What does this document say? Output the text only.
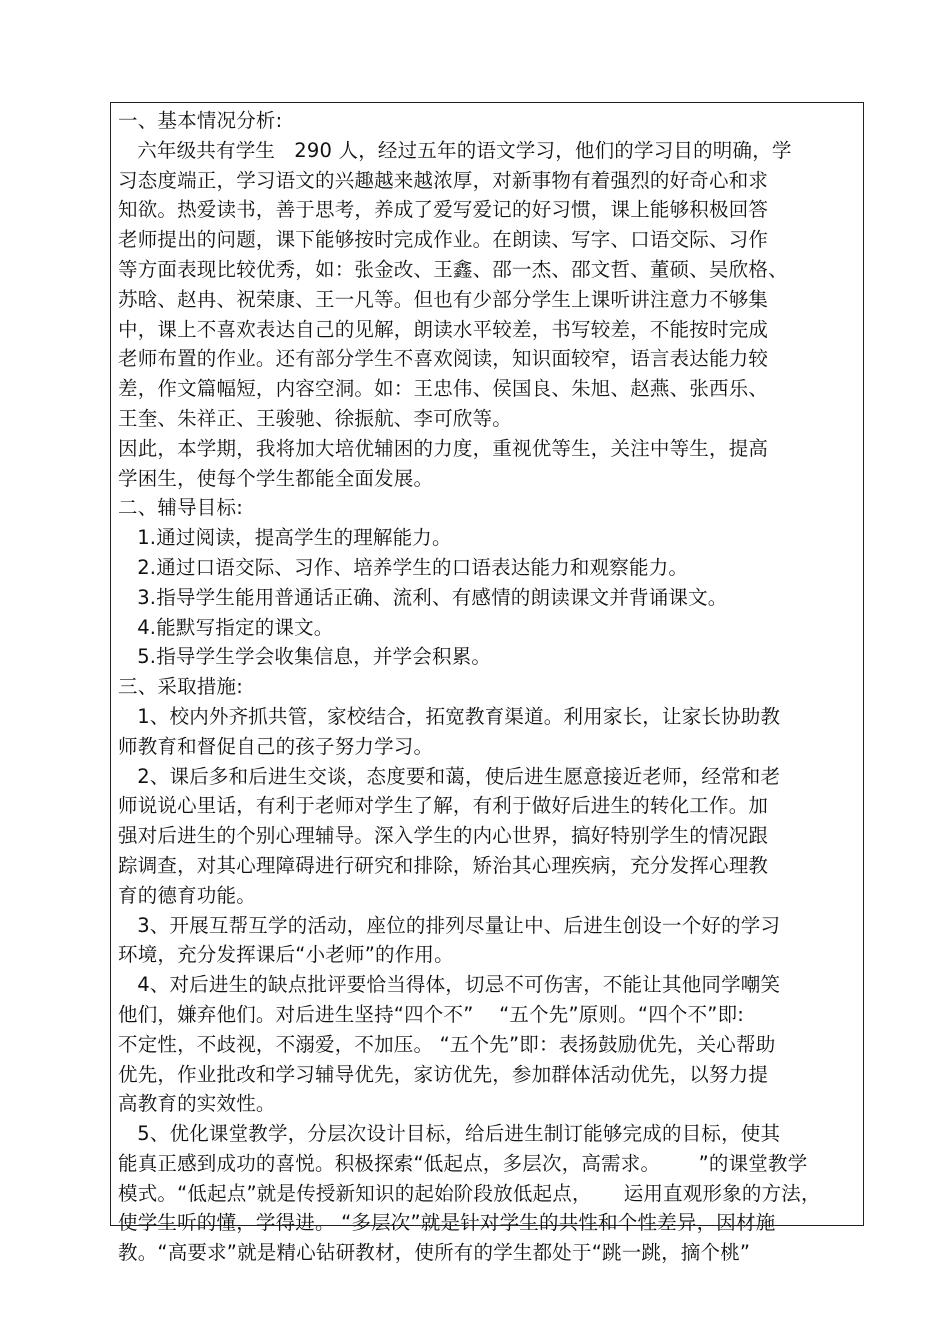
一、基本情况分析:
六年级共有学生   290 人，经过五年的语文学习，他们的学习目的明确，学
习态度端正，学习语文的兴趣越来越浓厚，对新事物有着强烈的好奇心和求
知欲。热爱读书，善于思考，养成了爱写爱记的好习惯，课上能够积极回答
老师提出的问题，课下能够按时完成作业。在朗读、写字、口语交际、习作
等方面表现比较优秀，如：张金改、王鑫、邵一杰、邵文哲、董硕、吴欣格、
苏晗、赵冉、祝荣康、王一凡等。但也有少部分学生上课听讲注意力不够集
中，课上不喜欢表达自己的见解，朗读水平较差，书写较差，不能按时完成
老师布置的作业。还有部分学生不喜欢阅读，知识面较窄，语言表达能力较
差，作文篇幅短，内容空洞。如：王忠伟、侯国良、朱旭、赵燕、张西乐、
王奎、朱祥正、王骏驰、徐振航、李可欣等。
因此，本学期，我将加大培优辅困的力度，重视优等生，关注中等生，提高
学困生，使每个学生都能全面发展。
二、辅导目标:
1.通过阅读，提高学生的理解能力。
2.通过口语交际、习作、培养学生的口语表达能力和观察能力。
3.指导学生能用普通话正确、流利、有感情的朗读课文并背诵课文。
4.能默写指定的课文。
5.指导学生学会收集信息，并学会积累。
三、采取措施:
1、校内外齐抓共管，家校结合，拓宽教育渠道。利用家长，让家长协助教
师教育和督促自己的孩子努力学习。
2、课后多和后进生交谈，态度要和蔼，使后进生愿意接近老师，经常和老
师说说心里话，有利于老师对学生了解，有利于做好后进生的转化工作。加
强对后进生的个别心理辅导。深入学生的内心世界，搞好特别学生的情况跟
踪调查，对其心理障碍进行研究和排除，矫治其心理疾病，充分发挥心理教
育的德育功能。
3、开展互帮互学的活动，座位的排列尽量让中、后进生创设一个好的学习
环境，充分发挥课后“小老师”的作用。
4、对后进生的缺点批评要恰当得体，切忌不可伤害，不能让其他同学嘲笑
他们，嫌弃他们。对后进生坚持“四个不”    “五个先”原则。“四个不”即:
不定性，不歧视，不溺爱，不加压。 “五个先”即：表扬鼓励优先，关心帮助
优先，作业批改和学习辅导优先，家访优先，参加群体活动优先，以努力提
高教育的实效性。
5、优化课堂教学，分层次设计目标，给后进生制订能够完成的目标，使其
能真正感到成功的喜悦。积极探索“低起点，多层次，高需求。      ”的课堂教学
模式。“低起点”就是传授新知识的起始阶段放低起点，     运用直观形象的方法，
使学生听的懂，学得进。 “多层次”就是针对学生的共性和个性差异，因材施
教。“高要求”就是精心钻研教材，使所有的学生都处于“跳一跳，摘个桃”
